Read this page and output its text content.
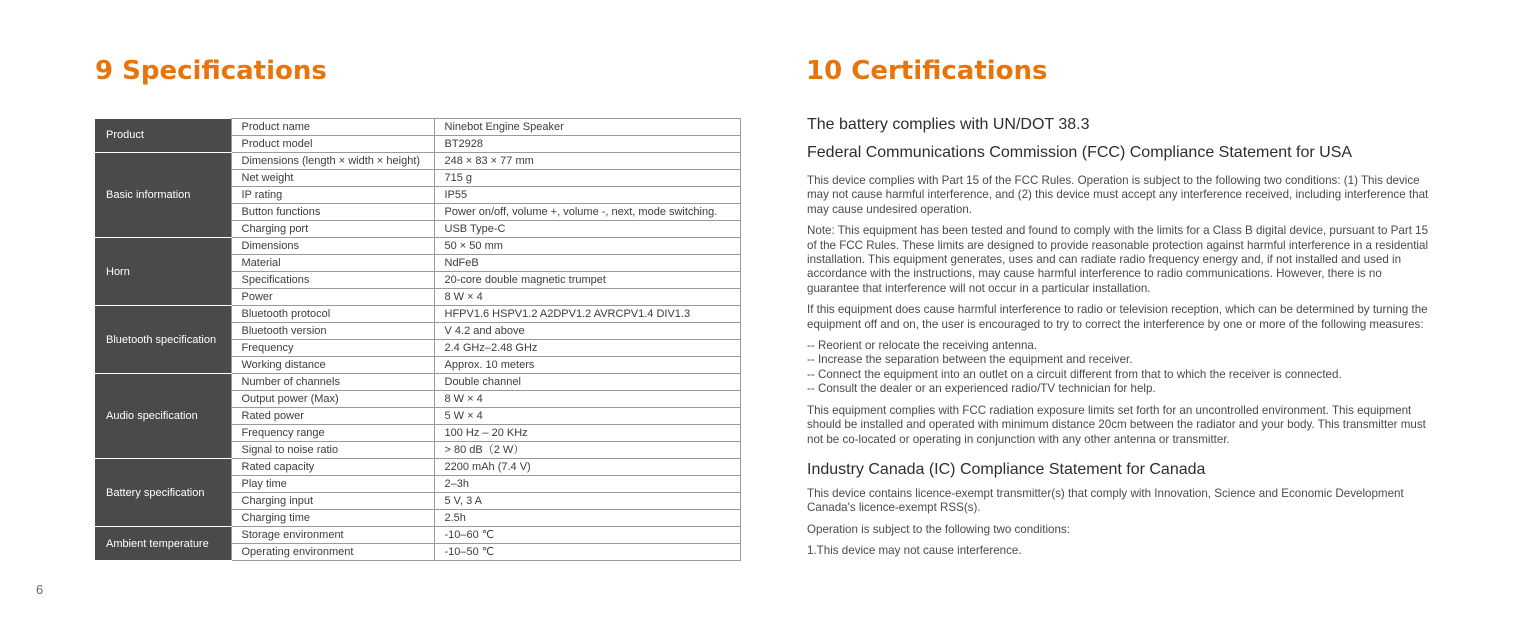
9 Specifications	10 Certifications
Product	Product name	Ninebot Engine Speaker
	Product model	BT2928
Basic information	Dimensions (length × width × height)	248 × 83 × 77 mm
	Net weight	715 g
	IP rating	IP55
	Button functions	Power on/off, volume +, volume -, next, mode switching.
	Charging port	USB Type-C
Horn	Dimensions	50 × 50 mm
	Material	NdFeB
	Specifications	20-core double magnetic trumpet
	Power	8 W × 4
Bluetooth specification	Bluetooth protocol	HFPV1.6 HSPV1.2 A2DPV1.2 AVRCPV1.4 DIV1.3
	Bluetooth version	V 4.2 and above
	Frequency	2.4 GHz–2.48 GHz
	Working distance	Approx. 10 meters
Audio specification	Number of channels	Double channel
	Output power (Max)	8 W × 4
	Rated power	5 W × 4
	Frequency range	100 Hz – 20 KHz
	Signal to noise ratio	> 80 dB（2 W）
Battery specification	Rated capacity	2200 mAh (7.4 V)
	Play time	2–3h
	Charging input	5 V, 3 A
	Charging time	2.5h
Ambient temperature	Storage environment	-10–60 ℃
	Operating environment	-10–50 ℃
The battery complies with UN/DOT 38.3
Federal Communications Commission (FCC) Compliance Statement for USA

This device complies with Part 15 of the FCC Rules. Operation is subject to the following two conditions: (1) This device may not cause harmful interference, and (2) this device must accept any interference received, including interference that may cause undesired operation.

Note: This equipment has been tested and found to comply with the limits for a Class B digital device, pursuant to Part 15 of the FCC Rules. These limits are designed to provide reasonable protection against harmful interference in a residential installation. This equipment generates, uses and can radiate radio frequency energy and, if not installed and used in accordance with the instructions, may cause harmful interference to radio communications. However, there is no guarantee that interference will not occur in a particular installation.

If this equipment does cause harmful interference to radio or television reception, which can be determined by turning the equipment off and on, the user is encouraged to try to correct the interference by one or more of the following measures:

-- Reorient or relocate the receiving antenna.
-- Increase the separation between the equipment and receiver.
-- Connect the equipment into an outlet on a circuit different from that to which the receiver is connected.
-- Consult the dealer or an experienced radio/TV technician for help.

This equipment complies with FCC radiation exposure limits set forth for an uncontrolled environment. This equipment should be installed and operated with minimum distance 20cm between the radiator and your body. This transmitter must not be co-located or operating in conjunction with any other antenna or transmitter.

Industry Canada (IC) Compliance Statement for Canada

This device contains licence-exempt transmitter(s) that comply with Innovation, Science and Economic Development Canada's licence-exempt RSS(s).

Operation is subject to the following two conditions:

1.This device may not cause interference.

6
